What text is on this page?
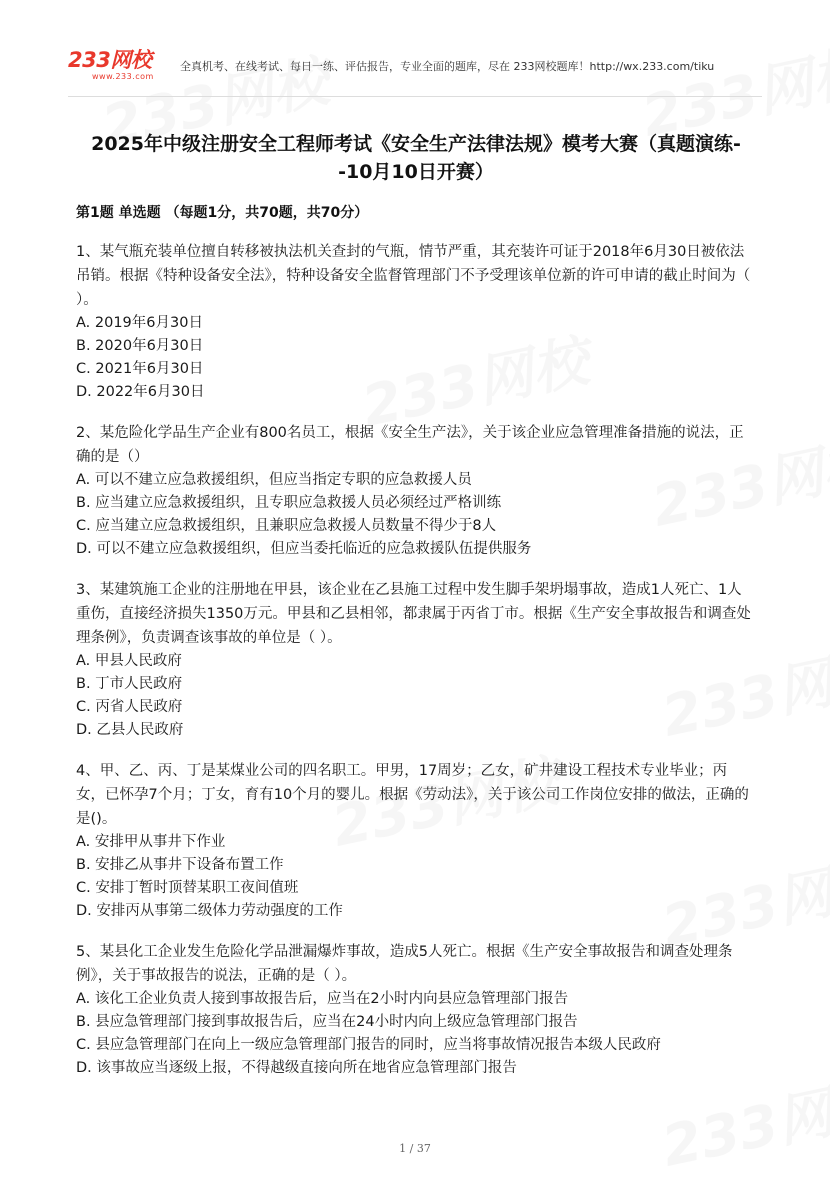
233网校
www.233.com
全真机考、在线考试、每日一练、评估报告，专业全面的题库，尽在 233网校题库！http://wx.233.com/tiku
2025年中级注册安全工程师考试《安全生产法律法规》模考大赛（真题演练--10月10日开赛）
第1题 单选题 （每题1分，共70题，共70分）
1、某气瓶充装单位擅自转移被执法机关查封的气瓶，情节严重，其充装许可证于2018年6月30日被依法吊销。根据《特种设备安全法》，特种设备安全监督管理部门不予受理该单位新的许可申请的截止时间为（ ）。
A. 2019年6月30日
B. 2020年6月30日
C. 2021年6月30日
D. 2022年6月30日
2、某危险化学品生产企业有800名员工，根据《安全生产法》，关于该企业应急管理准备措施的说法，正确的是（）
A. 可以不建立应急救援组织，但应当指定专职的应急救援人员
B. 应当建立应急救援组织，且专职应急救援人员必须经过严格训练
C. 应当建立应急救援组织，且兼职应急救援人员数量不得少于8人
D. 可以不建立应急救援组织，但应当委托临近的应急救援队伍提供服务
3、某建筑施工企业的注册地在甲县，该企业在乙县施工过程中发生脚手架坍塌事故，造成1人死亡、1人重伤，直接经济损失1350万元。甲县和乙县相邻，都隶属于丙省丁市。根据《生产安全事故报告和调查处理条例》，负责调查该事故的单位是（ ）。
A. 甲县人民政府
B. 丁市人民政府
C. 丙省人民政府
D. 乙县人民政府
4、甲、乙、丙、丁是某煤业公司的四名职工。甲男，17周岁；乙女，矿井建设工程技术专业毕业；丙女，已怀孕7个月；丁女，育有10个月的婴儿。根据《劳动法》，关于该公司工作岗位安排的做法，正确的是()。
A. 安排甲从事井下作业
B. 安排乙从事井下设备布置工作
C. 安排丁暂时顶替某职工夜间值班
D. 安排丙从事第二级体力劳动强度的工作
5、某县化工企业发生危险化学品泄漏爆炸事故，造成5人死亡。根据《生产安全事故报告和调查处理条例》，关于事故报告的说法，正确的是（ ）。
A. 该化工企业负责人接到事故报告后，应当在2小时内向县应急管理部门报告
B. 县应急管理部门接到事故报告后，应当在24小时内向上级应急管理部门报告
C. 县应急管理部门在向上一级应急管理部门报告的同时，应当将事故情况报告本级人民政府
D. 该事故应当逐级上报，不得越级直接向所在地省应急管理部门报告
1 / 37
